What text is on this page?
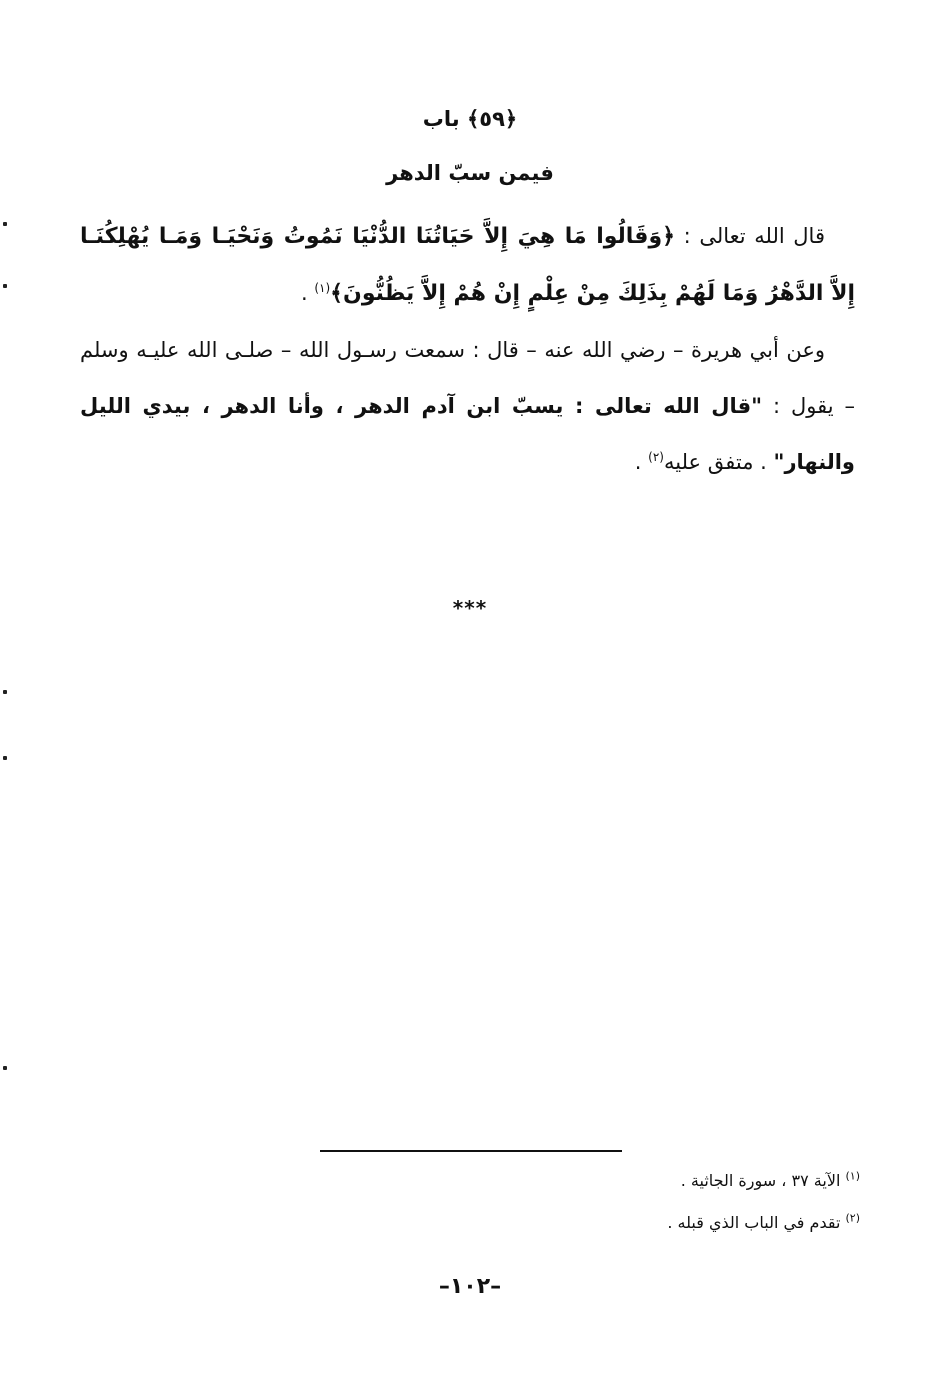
﴿٥٩﴾ باب
فيمن سبّ الدهر
قال الله تعالى : ﴿وَقَالُوا مَا هِيَ إِلاَّ حَيَاتُنَا الدُّنْيَا نَمُوتُ وَنَحْيَـا وَمَـا يُهْلِكُنَـا إِلاَّ الدَّهْرُ وَمَا لَهُمْ بِذَلِكَ مِنْ عِلْمٍ إِنْ هُمْ إِلاَّ يَظُنُّونَ﴾$^{(١)}$ .
وعن أبي هريرة – رضي الله عنه – قال : سمعت رسـول الله – صلـى الله عليـه وسلم – يقول : "قال الله تعالى : يسبّ ابن آدم الدهر ، وأنا الدهر ، بيدي الليل والنهار" . متفق عليه$^{(٢)}$ .
***
$^{(١)}$ الآية ٣٧ ، سورة الجاثية .
$^{(٢)}$ تقدم في الباب الذي قبله .
–١٠٢–
